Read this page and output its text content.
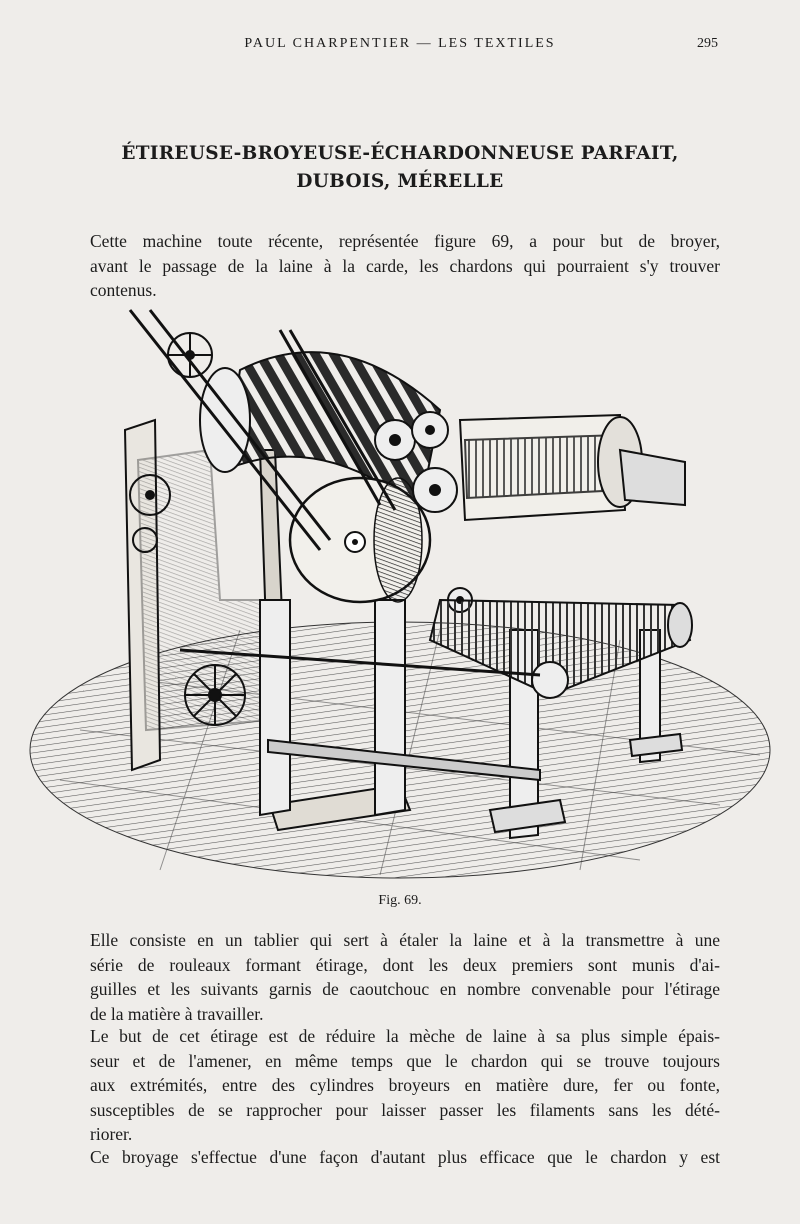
PAUL CHARPENTIER — LES TEXTILES	295
ÉTIREUSE-BROYEUSE-ÉCHARDONNEUSE PARFAIT,
DUBOIS, MÉRELLE
Cette machine toute récente, représentée figure 69, a pour but de broyer,
avant le passage de la laine à la carde, les chardons qui pourraient s'y trouver
contenus.
Fig. 69.
Elle consiste en un tablier qui sert à étaler la laine et à la transmettre à une
série de rouleaux formant étirage, dont les deux premiers sont munis d'ai-
guilles et les suivants garnis de caoutchouc en nombre convenable pour l'étirage
de la matière à travailler.
Le but de cet étirage est de réduire la mèche de laine à sa plus simple épais-
seur et de l'amener, en même temps que le chardon qui se trouve toujours
aux extrémités, entre des cylindres broyeurs en matière dure, fer ou fonte,
susceptibles de se rapprocher pour laisser passer les filaments sans les dété-
riorer.
Ce broyage s'effectue d'une façon d'autant plus efficace que le chardon y est
